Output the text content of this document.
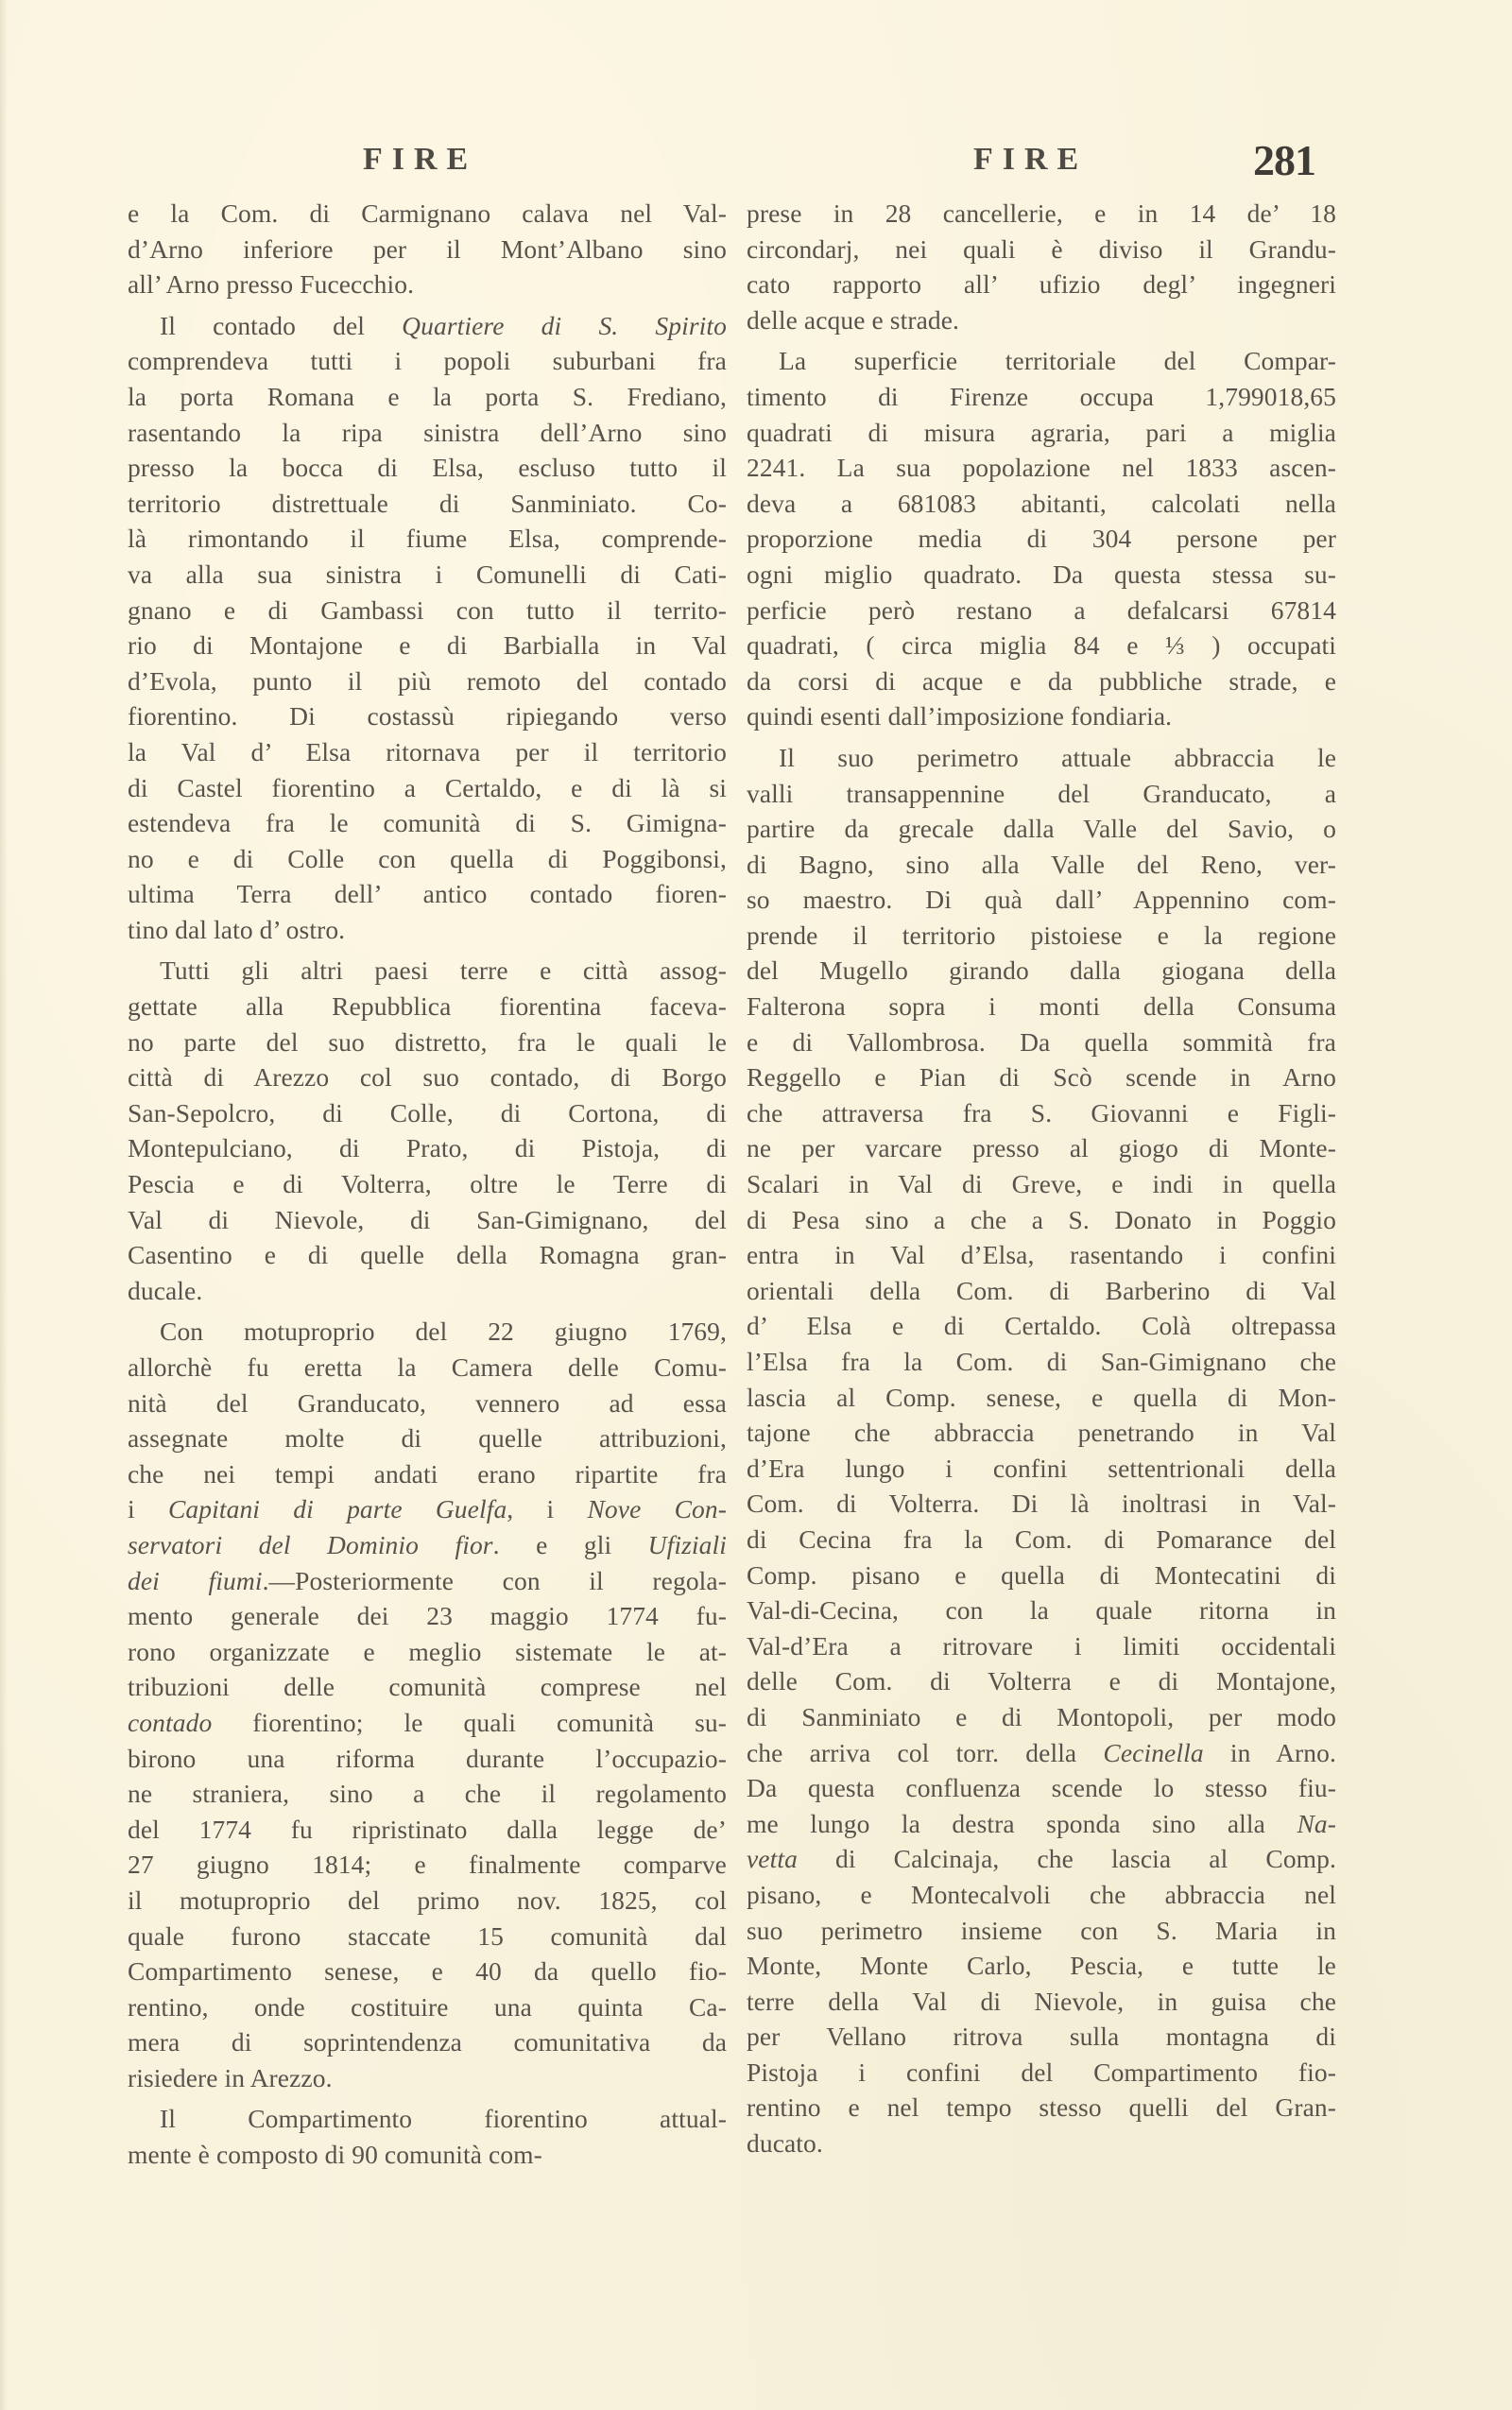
FIRE	FIRE	281
e la Com. di Carmignano calava nel Val-
d’Arno inferiore per il Mont’Albano sino
all’ Arno presso Fucecchio.
Il contado del Quartiere di S. Spirito
comprendeva tutti i popoli suburbani fra
la porta Romana e la porta S. Frediano,
rasentando la ripa sinistra dell’Arno sino
presso la bocca di Elsa, escluso tutto il
territorio distrettuale di Sanminiato. Co-
là rimontando il fiume Elsa, comprende-
va alla sua sinistra i Comunelli di Cati-
gnano e di Gambassi con tutto il territo-
rio di Montajone e di Barbialla in Val
d’Evola, punto il più remoto del contado
fiorentino. Di costassù ripiegando verso
la Val d’ Elsa ritornava per il territorio
di Castel fiorentino a Certaldo, e di là si
estendeva fra le comunità di S. Gimigna-
no e di Colle con quella di Poggibonsi,
ultima Terra dell’ antico contado fioren-
tino dal lato d’ ostro.
Tutti gli altri paesi terre e città assog-
gettate alla Repubblica fiorentina faceva-
no parte del suo distretto, fra le quali le
città di Arezzo col suo contado, di Borgo
San-Sepolcro, di Colle, di Cortona, di
Montepulciano, di Prato, di Pistoja, di
Pescia e di Volterra, oltre le Terre di
Val di Nievole, di San-Gimignano, del
Casentino e di quelle della Romagna gran-
ducale.
Con motuproprio del 22 giugno 1769,
allorchè fu eretta la Camera delle Comu-
nità del Granducato, vennero ad essa
assegnate molte di quelle attribuzioni,
che nei tempi andati erano ripartite fra
i Capitani di parte Guelfa, i Nove Con-
servatori del Dominio fior. e gli Ufiziali
dei fiumi.—Posteriormente con il regola-
mento generale dei 23 maggio 1774 fu-
rono organizzate e meglio sistemate le at-
tribuzioni delle comunità comprese nel
contado fiorentino; le quali comunità su-
birono una riforma durante l’occupazio-
ne straniera, sino a che il regolamento
del 1774 fu ripristinato dalla legge de’
27 giugno 1814; e finalmente comparve
il motuproprio del primo nov. 1825, col
quale furono staccate 15 comunità dal
Compartimento senese, e 40 da quello fio-
rentino, onde costituire una quinta Ca-
mera di soprintendenza comunitativa da
risiedere in Arezzo.
Il Compartimento fiorentino attual-
mente è composto di 90 comunità com-
prese in 28 cancellerie, e in 14 de’ 18
circondarj, nei quali è diviso il Grandu-
cato rapporto all’ ufizio degl’ ingegneri
delle acque e strade.
La superficie territoriale del Compar-
timento di Firenze occupa 1,799018,65
quadrati di misura agraria, pari a miglia
2241. La sua popolazione nel 1833 ascen-
deva a 681083 abitanti, calcolati nella
proporzione media di 304 persone per
ogni miglio quadrato. Da questa stessa su-
perficie però restano a defalcarsi 67814
quadrati, ( circa miglia 84 e ⅓ ) occupati
da corsi di acque e da pubbliche strade, e
quindi esenti dall’imposizione fondiaria.
Il suo perimetro attuale abbraccia le
valli transappennine del Granducato, a
partire da grecale dalla Valle del Savio, o
di Bagno, sino alla Valle del Reno, ver-
so maestro. Di quà dall’ Appennino com-
prende il territorio pistoiese e la regione
del Mugello girando dalla giogana della
Falterona sopra i monti della Consuma
e di Vallombrosa. Da quella sommità fra
Reggello e Pian di Scò scende in Arno
che attraversa fra S. Giovanni e Figli-
ne per varcare presso al giogo di Monte-
Scalari in Val di Greve, e indi in quella
di Pesa sino a che a S. Donato in Poggio
entra in Val d’Elsa, rasentando i confini
orientali della Com. di Barberino di Val
d’ Elsa e di Certaldo. Colà oltrepassa
l’Elsa fra la Com. di San-Gimignano che
lascia al Comp. senese, e quella di Mon-
tajone che abbraccia penetrando in Val
d’Era lungo i confini settentrionali della
Com. di Volterra. Di là inoltrasi in Val-
di Cecina fra la Com. di Pomarance del
Comp. pisano e quella di Montecatini di
Val-di-Cecina, con la quale ritorna in
Val-d’Era a ritrovare i limiti occidentali
delle Com. di Volterra e di Montajone,
di Sanminiato e di Montopoli, per modo
che arriva col torr. della Cecinella in Arno.
Da questa confluenza scende lo stesso fiu-
me lungo la destra sponda sino alla Na-
vetta di Calcinaja, che lascia al Comp.
pisano, e Montecalvoli che abbraccia nel
suo perimetro insieme con S. Maria in
Monte, Monte Carlo, Pescia, e tutte le
terre della Val di Nievole, in guisa che
per Vellano ritrova sulla montagna di
Pistoja i confini del Compartimento fio-
rentino e nel tempo stesso quelli del Gran-
ducato.
